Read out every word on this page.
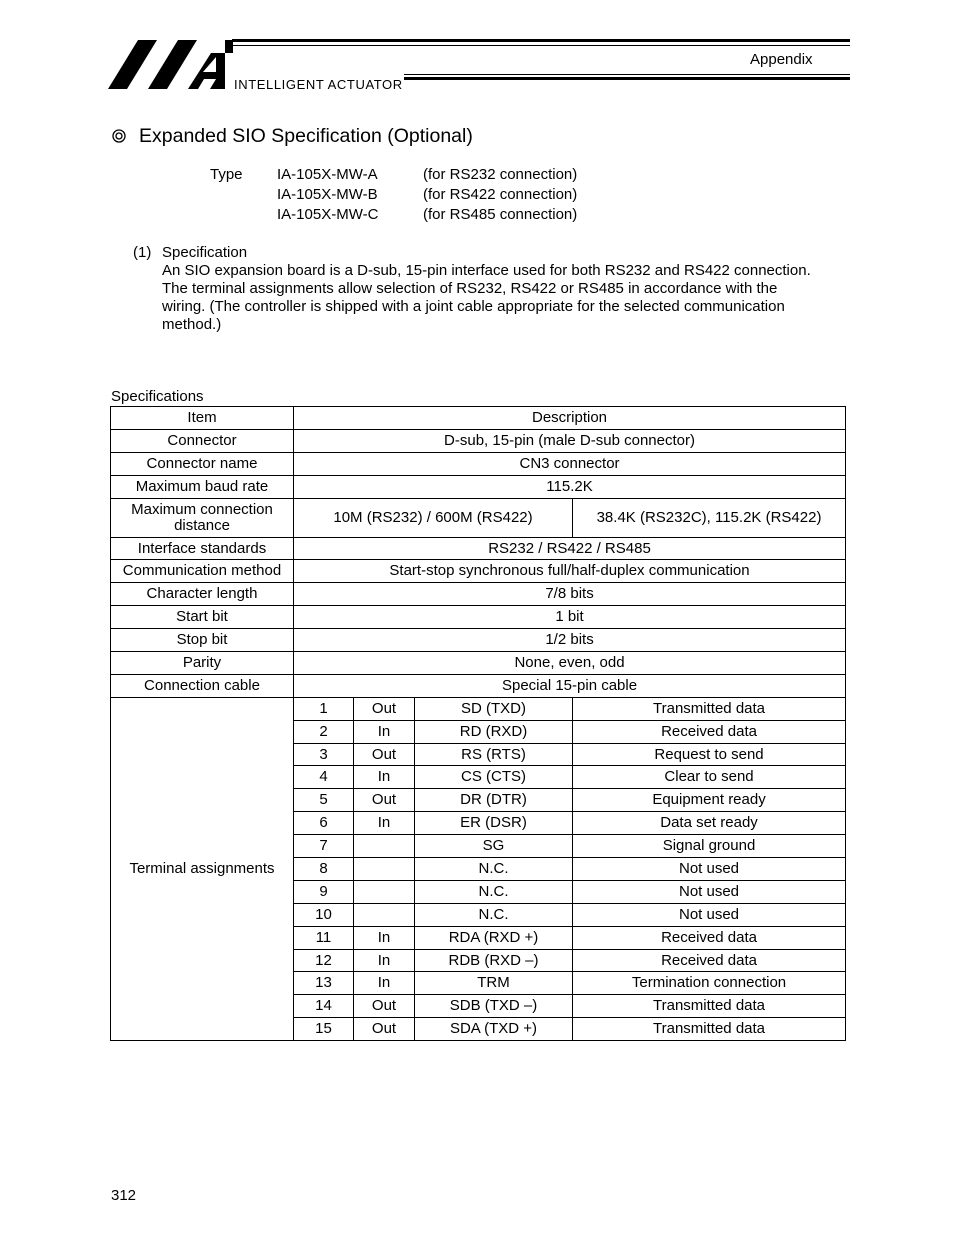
INTELLIGENT ACTUATOR
Appendix
Expanded SIO Specification (Optional)
Type IA-105X-MW-A	(for RS232 connection)
IA-105X-MW-B	(for RS422 connection)
IA-105X-MW-C	(for RS485 connection)
(1) Specification
An SIO expansion board is a D-sub, 15-pin interface used for both RS232 and RS422 connection.
The terminal assignments allow selection of RS232, RS422 or RS485 in accordance with the
wiring. (The controller is shipped with a joint cable appropriate for the selected communication
method.)
Specifications
Item	Description			
Connector	D-sub, 15-pin (male D-sub connector)			
Connector name	CN3 connector			
Maximum baud rate	115.2K			
Maximum connection
distance	10M (RS232) / 600M (RS422)			38.4K (RS232C), 115.2K (RS422)
Interface standards	RS232 / RS422 / RS485			
Communication method	Start-stop synchronous full/half-duplex communication			
Character length	7/8 bits			
Start bit	1 bit			
Stop bit	1/2 bits			
Parity	None, even, odd			
Connection cable	Special 15-pin cable			
Terminal assignments	1	Out	SD (TXD)	Transmitted data
	2	In	RD (RXD)	Received data
	3	Out	RS (RTS)	Request to send
	4	In	CS (CTS)	Clear to send
	5	Out	DR (DTR)	Equipment ready
	6	In	ER (DSR)	Data set ready
	7		SG	Signal ground
	8		N.C.	Not used
	9		N.C.	Not used
	10		N.C.	Not used
	11	In	RDA (RXD +)	Received data
	12	In	RDB (RXD –)	Received data
	13	In	TRM	Termination connection
	14	Out	SDB (TXD –)	Transmitted data
	15	Out	SDA (TXD +)	Transmitted data
312
